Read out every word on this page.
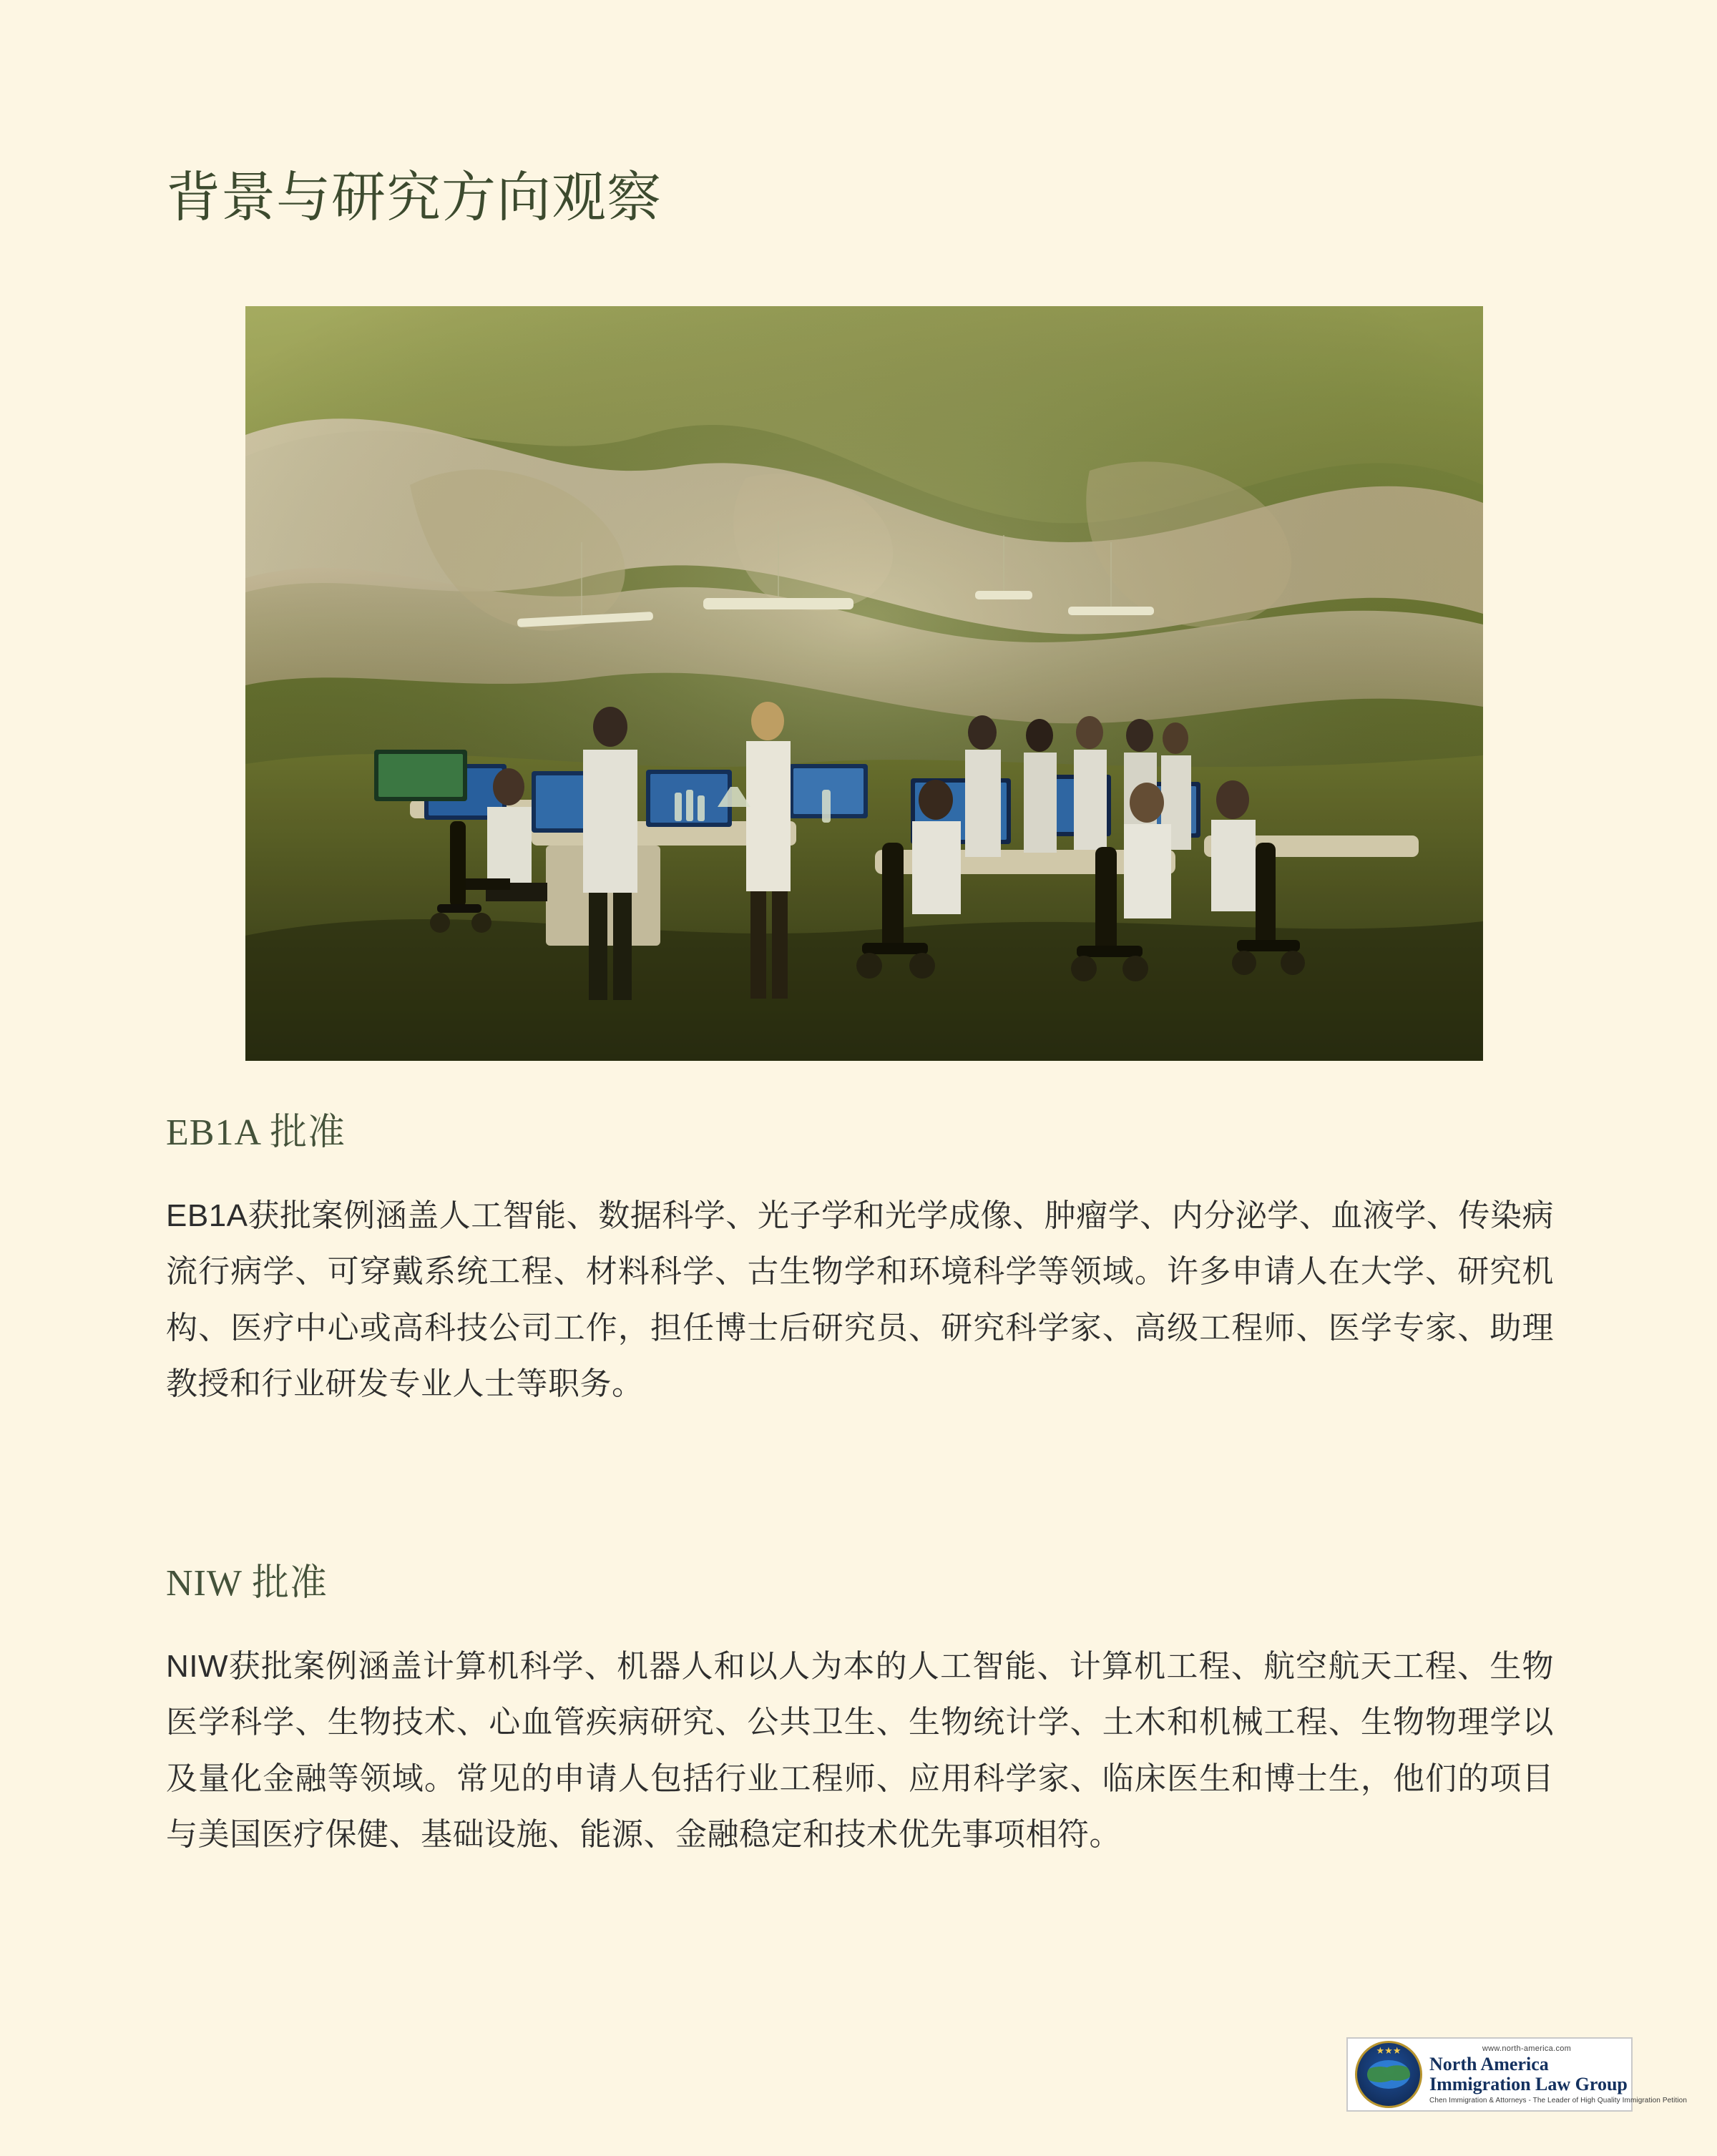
背景与研究方向观察
EB1A 批准

EB1A获批案例涵盖人工智能、数据科学、光子学和光学成像、肿瘤学、内分泌学、血液学、传染病流行病学、可穿戴系统工程、材料科学、古生物学和环境科学等领域。许多申请人在大学、研究机构、医疗中心或高科技公司工作，担任博士后研究员、研究科学家、高级工程师、医学专家、助理教授和行业研发专业人士等职务。

NIW 批准

NIW获批案例涵盖计算机科学、机器人和以人为本的人工智能、计算机工程、航空航天工程、生物医学科学、生物技术、心血管疾病研究、公共卫生、生物统计学、土木和机械工程、生物物理学以及量化金融等领域。常见的申请人包括行业工程师、应用科学家、临床医生和博士生，他们的项目与美国医疗保健、基础设施、能源、金融稳定和技术优先事项相符。

★★★	www.north-america.com
North America
Immigration Law Group
Chen Immigration & Attorneys - The Leader of High Quality Immigration Petition
